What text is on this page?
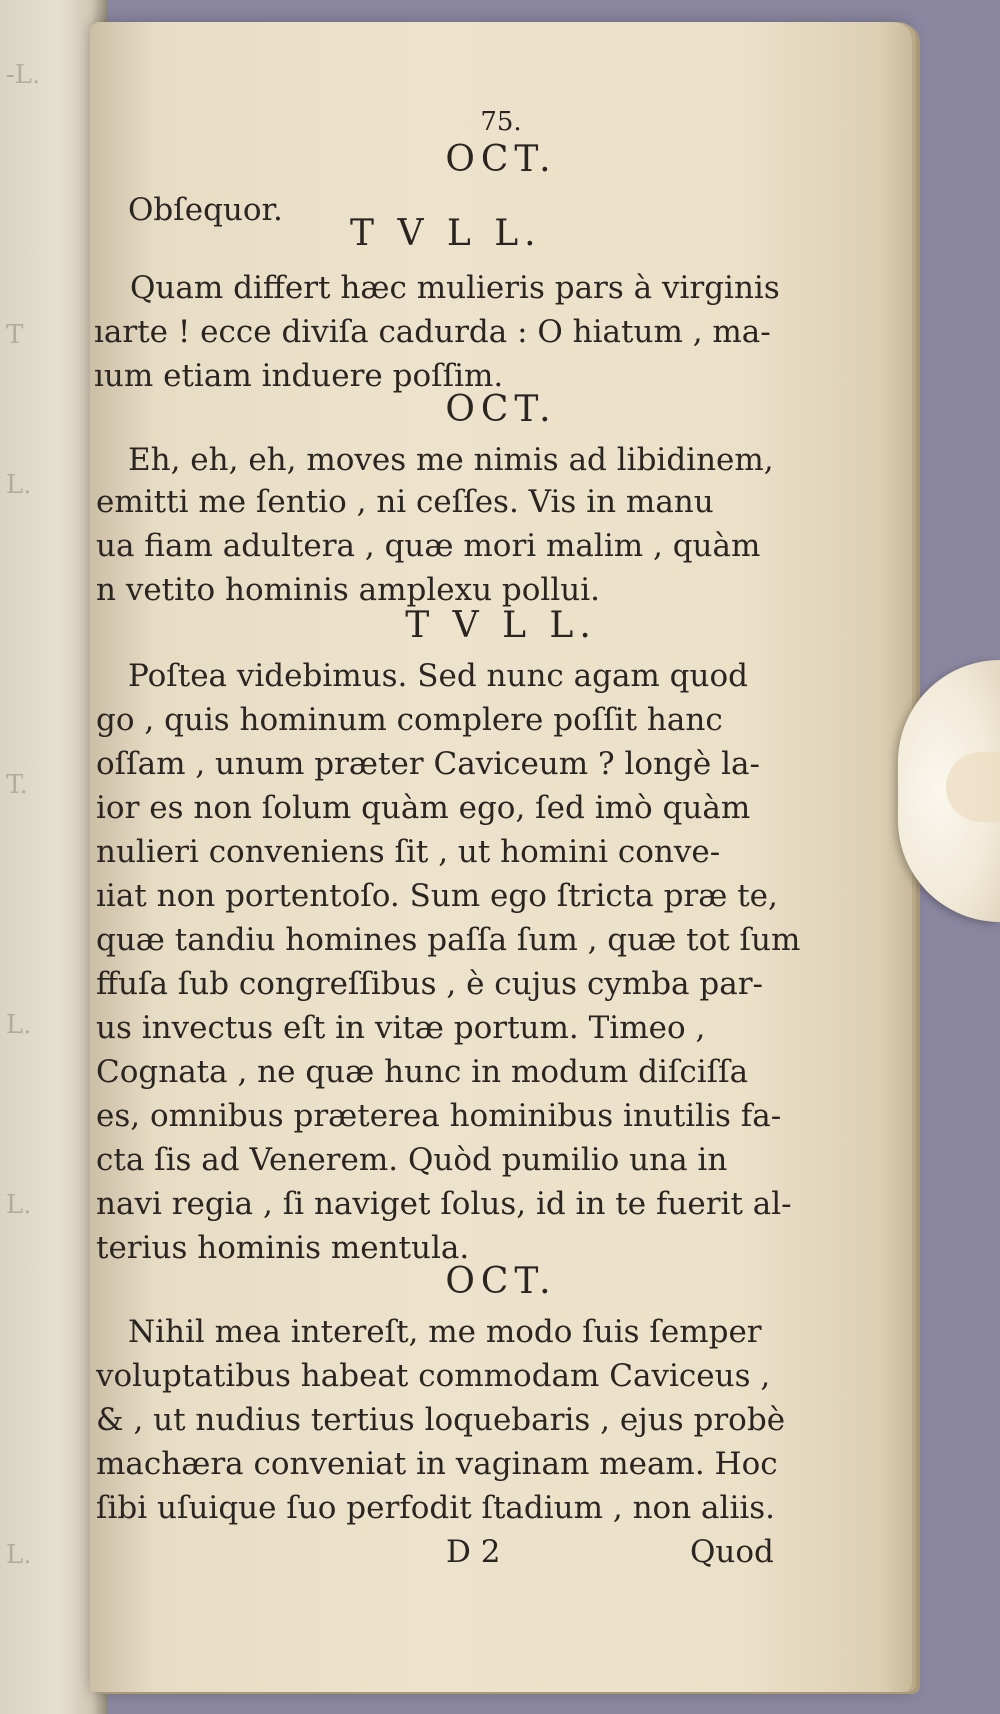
-L.
T
L.
T.
L.
L.
L.
75.
OCT.
Obſequor.
T V L L.
Quam differt hæc mulieris pars à virginis
ıarte ! ecce diviſa cadurda : O hiatum , ma-
ıum etiam induere poſſim.
OCT.
Eh, eh, eh, moves me nimis ad libidinem,
emitti me ſentio , ni ceſſes. Vis in manu
ua fiam adultera , quæ mori malim , quàm
n vetito hominis amplexu pollui.
T V L L.
Poſtea videbimus. Sed nunc agam quod
go , quis hominum complere poſſit hanc
oſſam , unum præter Caviceum ? longè la-
ior es non ſolum quàm ego, ſed imò quàm
nulieri conveniens ſit , ut homini conve-
ıiat non portentoſo. Sum ego ſtricta præ te,
quæ tandiu homines paſſa ſum , quæ tot ſum
ffuſa ſub congreſſibus , è cujus cymba par-
us invectus eſt in vitæ portum. Timeo ,
Cognata , ne quæ hunc in modum diſciſſa
es, omnibus præterea hominibus inutilis fa-
cta ſis ad Venerem. Quòd pumilio una in
navi regia , ſi naviget ſolus, id in te fuerit al-
terius hominis mentula.
OCT.
Nihil mea intereſt, me modo ſuis ſemper
voluptatibus habeat commodam Caviceus ,
& , ut nudius tertius loquebaris , ejus probè
machæra conveniat in vaginam meam. Hoc
ſibi uſuique ſuo perfodit ſtadium , non aliis.
D 2	Quod
